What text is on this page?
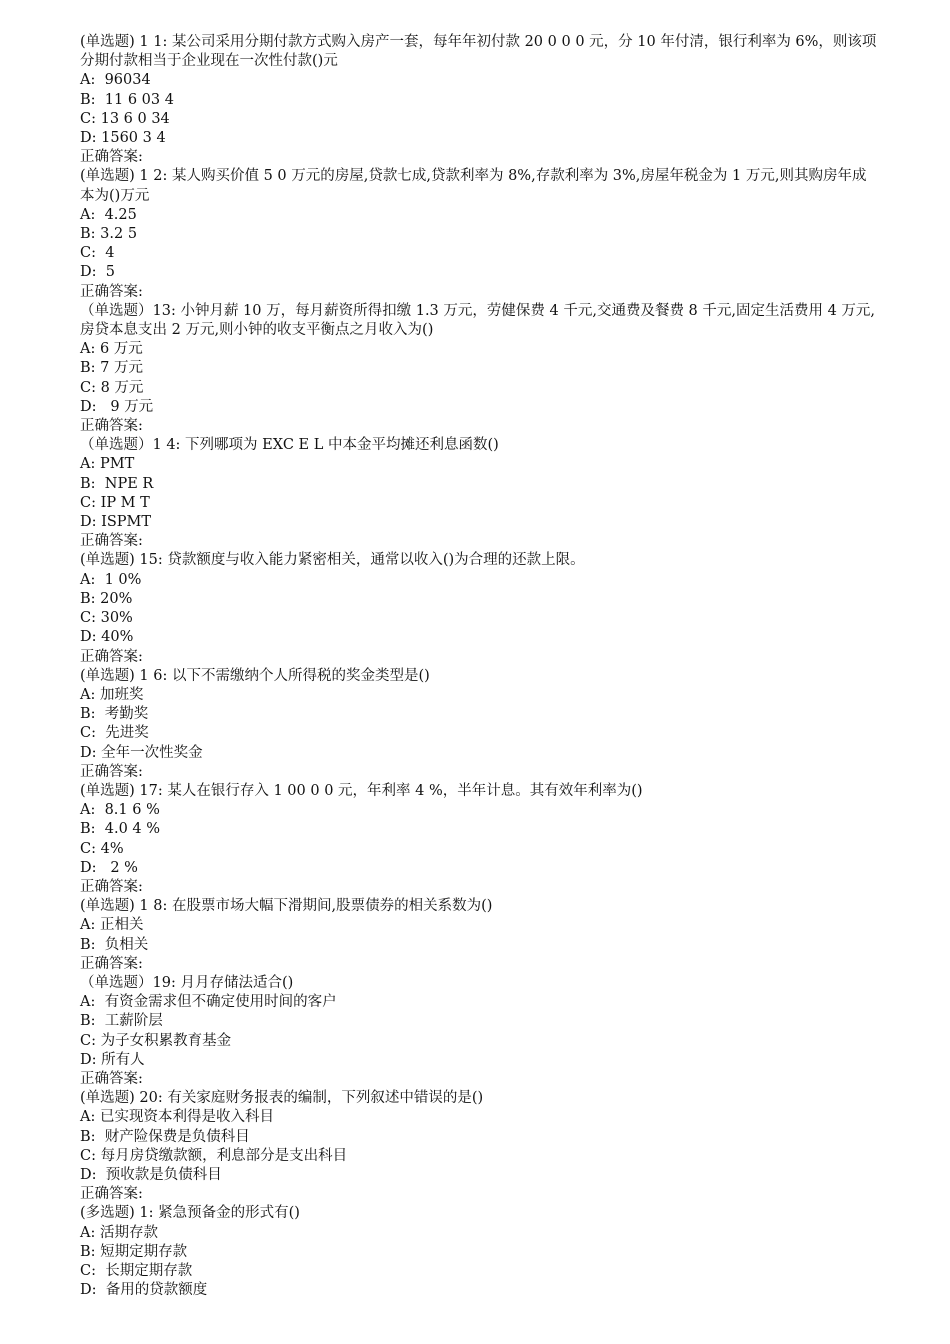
(单选题) 1 1: 某公司采用分期付款方式购入房产一套，每年年初付款 20 0 0 0 元，分 10 年付清，银行利率为 6%，则该项分期付款相当于企业现在一次性付款()元
A:  96034
B:  11 6 03 4
C: 13 6 0 34
D: 1560 3 4
正确答案:
(单选题) 1 2: 某人购买价值 5 0 万元的房屋,贷款七成,贷款利率为 8%,存款利率为 3%,房屋年税金为 1 万元,则其购房年成本为()万元
A:  4.25
B: 3.2 5
C:  4
D:  5
正确答案:
（单选题）13: 小钟月薪 10 万，每月薪资所得扣缴 1.3 万元，劳健保费 4 千元,交通费及餐费 8 千元,固定生活费用 4 万元,房贷本息支出 2 万元,则小钟的收支平衡点之月收入为()
A: 6 万元
B: 7 万元
C: 8 万元
D:   9 万元
正确答案:
（单选题）1 4: 下列哪项为 EXC E L 中本金平均摊还利息函数()
A: PMT
B:  NPE R
C: IP M T
D: ISPMT
正确答案:
(单选题) 15: 贷款额度与收入能力紧密相关，通常以收入()为合理的还款上限。
A:  1 0%
B: 20%
C: 30%
D: 40%
正确答案:
(单选题) 1 6: 以下不需缴纳个人所得税的奖金类型是()
A: 加班奖
B:  考勤奖
C:  先进奖
D: 全年一次性奖金
正确答案:
(单选题) 17: 某人在银行存入 1 00 0 0 元，年利率 4 %，半年计息。其有效年利率为()
A:  8.1 6 %
B:  4.0 4 %
C: 4%
D:   2 %
正确答案:
(单选题) 1 8: 在股票市场大幅下滑期间,股票债券的相关系数为()
A: 正相关
B:  负相关
正确答案:
（单选题）19: 月月存储法适合()
A:  有资金需求但不确定使用时间的客户
B:  工薪阶层
C: 为子女积累教育基金
D: 所有人
正确答案:
(单选题) 20: 有关家庭财务报表的编制，下列叙述中错误的是()
A: 已实现资本利得是收入科目
B:  财产险保费是负债科目
C: 每月房贷缴款额，利息部分是支出科目
D:  预收款是负债科目
正确答案:
(多选题) 1: 紧急预备金的形式有()
A: 活期存款
B: 短期定期存款
C:  长期定期存款
D:  备用的贷款额度
